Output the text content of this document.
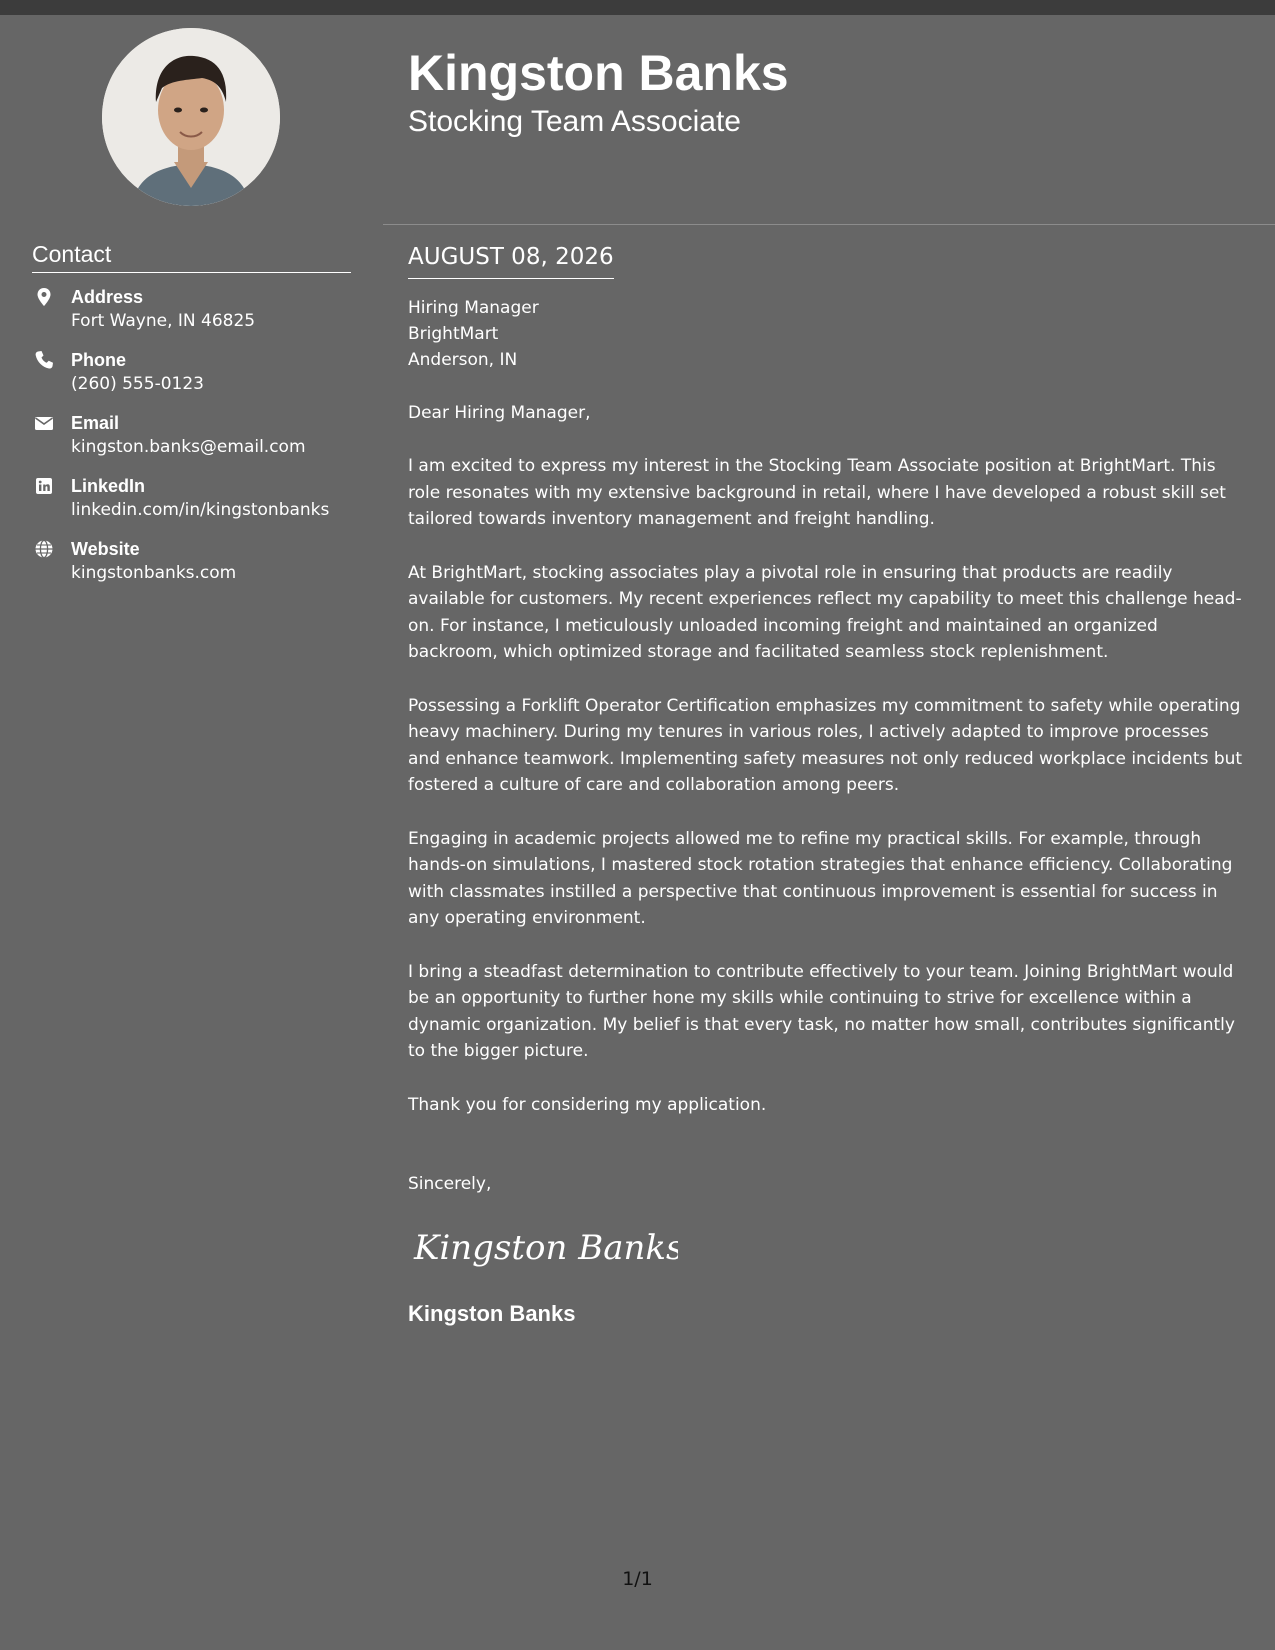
Contact
Address
Fort Wayne, IN 46825
Phone
(260) 555-0123
Email
kingston.banks@email.com
LinkedIn
linkedin.com/in/kingstonbanks
Website
kingstonbanks.com
Kingston Banks
Stocking Team Associate
AUGUST 08, 2026
Hiring Manager
BrightMart
Anderson, IN
Dear Hiring Manager,

I am excited to express my interest in the Stocking Team Associate position at BrightMart. This role resonates with my extensive background in retail, where I have developed a robust skill set tailored towards inventory management and freight handling.

At BrightMart, stocking associates play a pivotal role in ensuring that products are readily available for customers. My recent experiences reflect my capability to meet this challenge head-on. For instance, I meticulously unloaded incoming freight and maintained an organized backroom, which optimized storage and facilitated seamless stock replenishment.

Possessing a Forklift Operator Certification emphasizes my commitment to safety while operating heavy machinery. During my tenures in various roles, I actively adapted to improve processes and enhance teamwork. Implementing safety measures not only reduced workplace incidents but fostered a culture of care and collaboration among peers.

Engaging in academic projects allowed me to refine my practical skills. For example, through hands-on simulations, I mastered stock rotation strategies that enhance efficiency. Collaborating with classmates instilled a perspective that continuous improvement is essential for success in any operating environment.

I bring a steadfast determination to contribute effectively to your team. Joining BrightMart would be an opportunity to further hone my skills while continuing to strive for excellence within a dynamic organization. My belief is that every task, no matter how small, contributes significantly to the bigger picture.

Thank you for considering my application.

Sincerely,
Kingston Banks
Kingston Banks
1/1
